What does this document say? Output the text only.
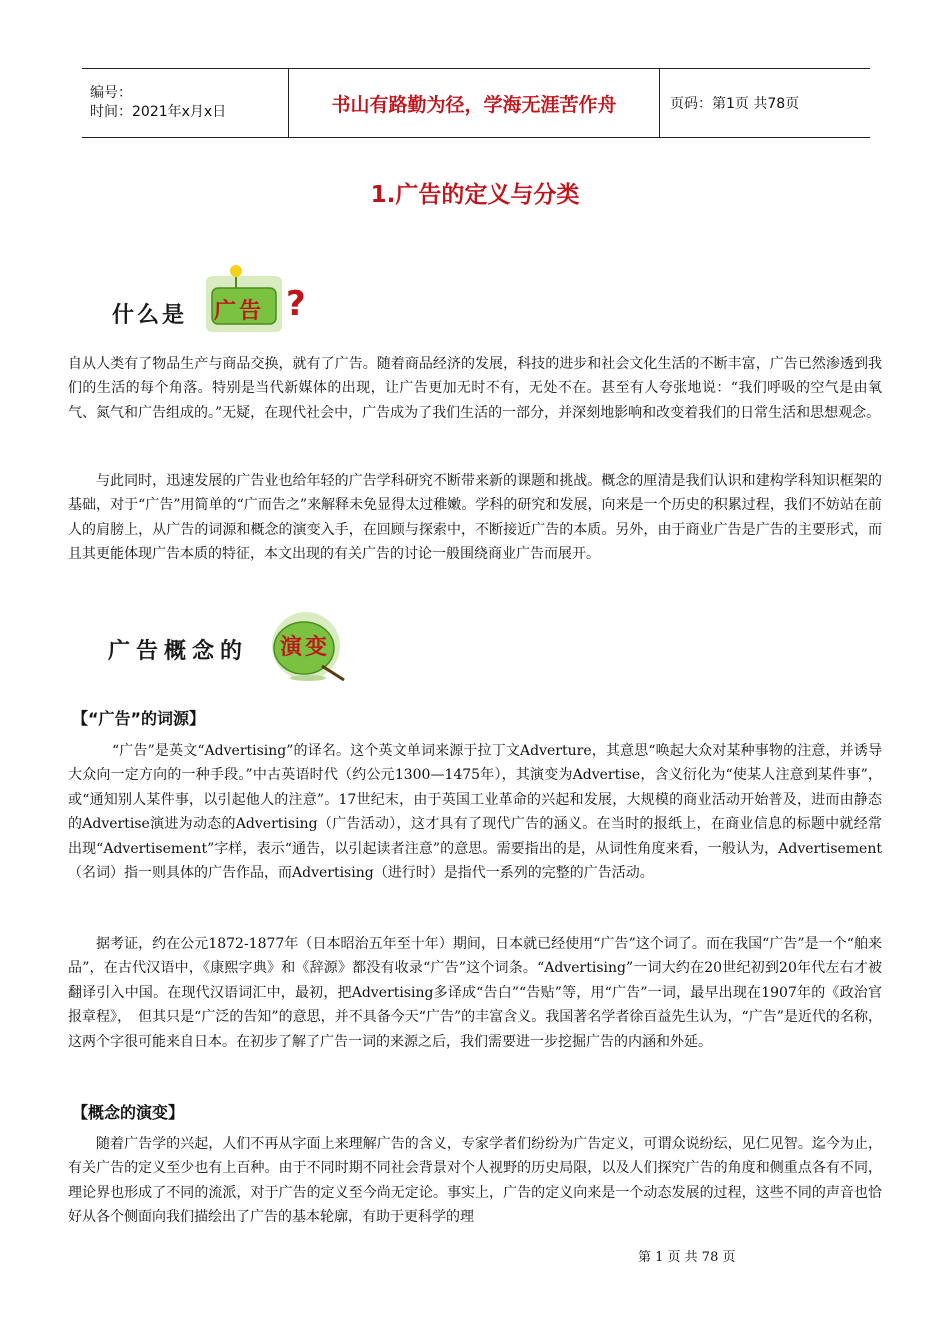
编号：
时间：2021年x月x日	书山有路勤为径，学海无涯苦作舟	页码：第1页 共78页
1.广告的定义与分类
什么是 广告 ?

自从人类有了物品生产与商品交换，就有了广告。随着商品经济的发展，科技的进步和社会文化生活的不断丰富，广告已然渗透到我们的生活的每个角落。特别是当代新媒体的出现，让广告更加无时不有，无处不在。甚至有人夸张地说：“我们呼吸的空气是由氧气、氮气和广告组成的。”无疑，在现代社会中，广告成为了我们生活的一部分，并深刻地影响和改变着我们的日常生活和思想观念。

与此同时，迅速发展的广告业也给年轻的广告学科研究不断带来新的课题和挑战。概念的厘清是我们认识和建构学科知识框架的基础，对于“广告”用简单的“广而告之”来解释未免显得太过稚嫩。学科的研究和发展，向来是一个历史的积累过程，我们不妨站在前人的肩膀上，从广告的词源和概念的演变入手，在回顾与探索中，不断接近广告的本质。另外，由于商业广告是广告的主要形式，而且其更能体现广告本质的特征，本文出现的有关广告的讨论一般围绕商业广告而展开。

广告概念的 演变
【“广告”的词源】

“广告”是英文“Advertising”的译名。这个英文单词来源于拉丁文Adverture，其意思“唤起大众对某种事物的注意，并诱导大众向一定方向的一种手段。”中古英语时代（约公元1300—1475年），其演变为Advertise，含义衍化为“使某人注意到某件事”，或“通知别人某件事，以引起他人的注意”。17世纪末，由于英国工业革命的兴起和发展，大规模的商业活动开始普及，进而由静态的Advertise演进为动态的Advertising（广告活动），这才具有了现代广告的涵义。在当时的报纸上，在商业信息的标题中就经常出现“Advertisement”字样，表示“通告，以引起读者注意”的意思。需要指出的是，从词性角度来看，一般认为，Advertisement（名词）指一则具体的广告作品，而Advertising（进行时）是指代一系列的完整的广告活动。

据考证，约在公元1872-1877年（日本昭治五年至十年）期间，日本就已经使用“广告”这个词了。而在我国“广告”是一个“舶来品”，在古代汉语中，《康熙字典》和《辞源》都没有收录“广告”这个词条。“Advertising”一词大约在20世纪初到20年代左右才被翻译引入中国。在现代汉语词汇中，最初，把Advertising多译成“告白”“告贴”等，用“广告”一词，最早出现在1907年的《政治官报章程》，　但其只是“广泛的告知”的意思，并不具备今天“广告”的丰富含义。我国著名学者徐百益先生认为，“广告”是近代的名称，这两个字很可能来自日本。在初步了解了广告一词的来源之后，我们需要进一步挖掘广告的内涵和外延。

【概念的演变】

随着广告学的兴起，人们不再从字面上来理解广告的含义，专家学者们纷纷为广告定义，可谓众说纷纭，见仁见智。迄今为止，有关广告的定义至少也有上百种。由于不同时期不同社会背景对个人视野的历史局限，以及人们探究广告的角度和侧重点各有不同，理论界也形成了不同的流派，对于广告的定义至今尚无定论。事实上，广告的定义向来是一个动态发展的过程，这些不同的声音也恰好从各个侧面向我们描绘出了广告的基本轮廓，有助于更科学的理

第 1 页 共 78 页
